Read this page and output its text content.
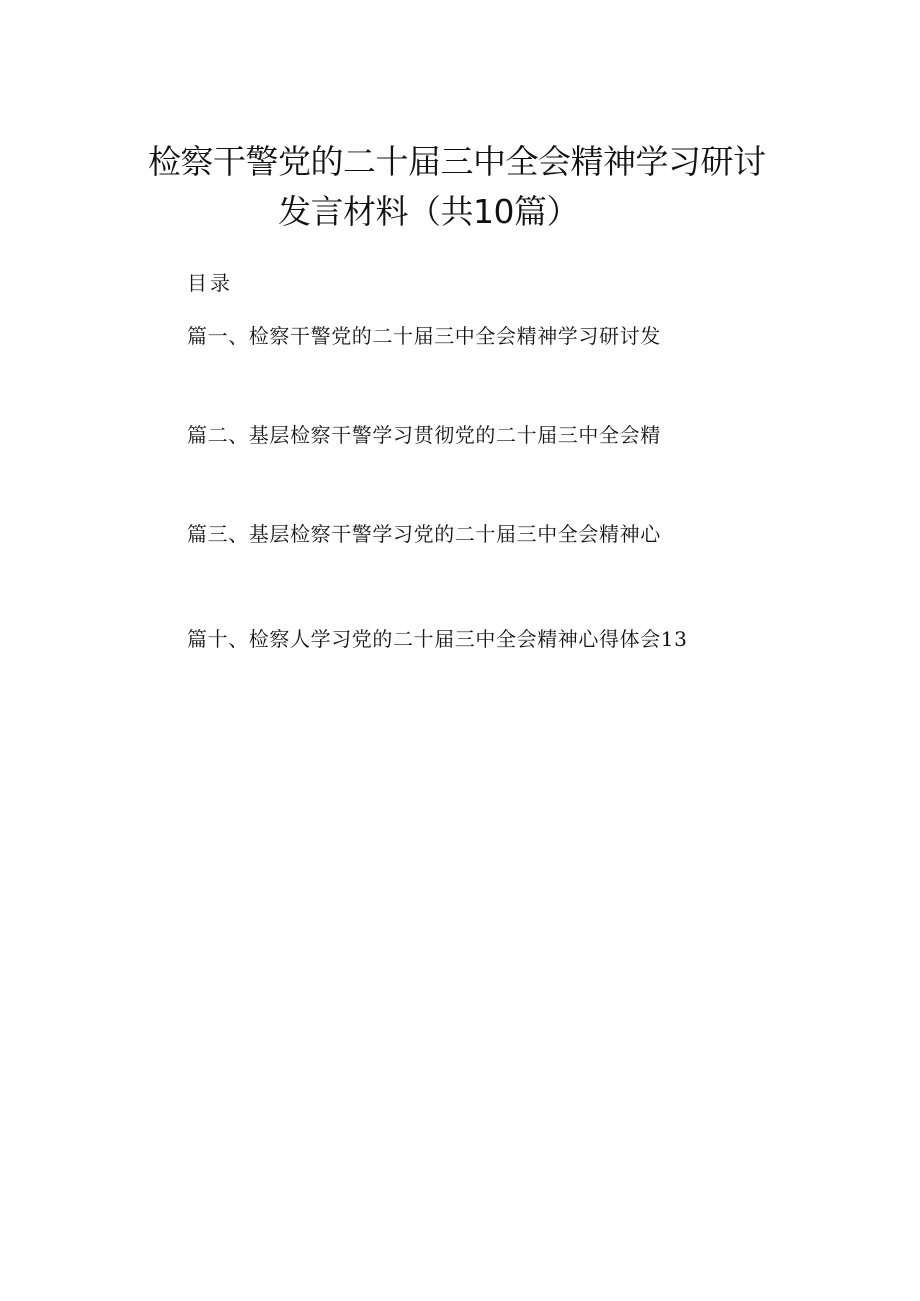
检察干警党的二十届三中全会精神学习研讨
发言材料（共10篇）
目录
篇一、检察干警党的二十届三中全会精神学习研讨发
篇二、基层检察干警学习贯彻党的二十届三中全会精
篇三、基层检察干警学习党的二十届三中全会精神心
篇十、检察人学习党的二十届三中全会精神心得体会13
